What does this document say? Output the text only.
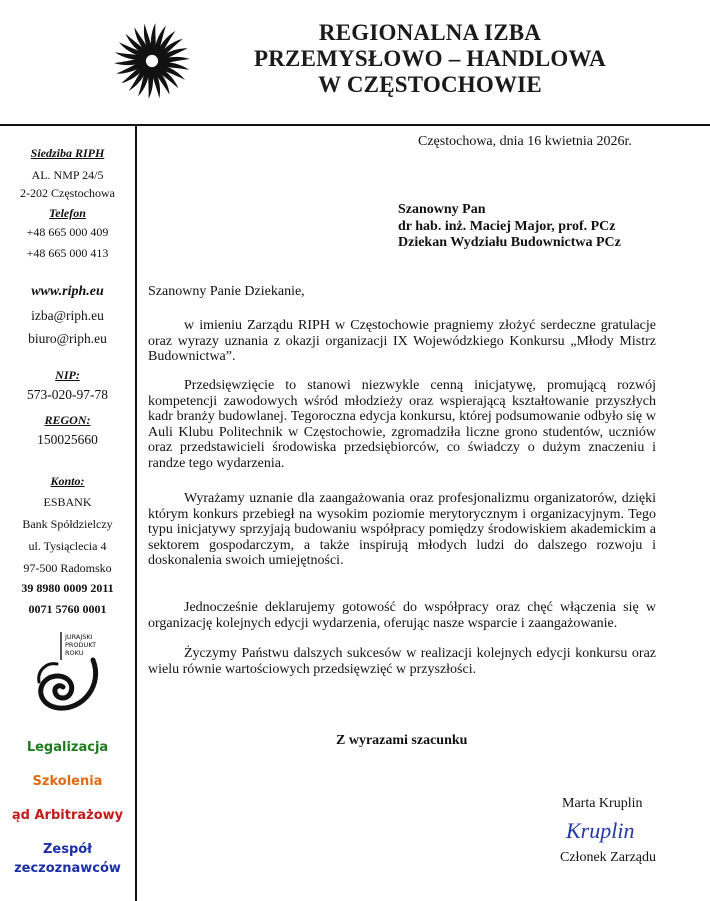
REGIONALNA IZBA
PRZEMYSŁOWO – HANDLOWA
W CZĘSTOCHOWIE
Siedziba RIPH
AL. NMP 24/5
2-202 Częstochowa
Telefon
+48 665 000 409
+48 665 000 413
www.riph.eu
izba@riph.eu
biuro@riph.eu
NIP:
573-020-97-78
REGON:
150025660
Konto:
ESBANK
Bank Spółdzielczy
ul. Tysiąclecia 4
97-500 Radomsko
39 8980 0009 2011
0071 5760 0001
JURAJSKI
PRODUKT
ROKU
Legalizacja
Szkolenia
ąd Arbitrażowy
Zespół
zeczoznawców
Częstochowa, dnia 16 kwietnia 2026r.
Szanowny Pan
dr hab. inż. Maciej Major, prof. PCz
Dziekan Wydziału Budownictwa PCz
Szanowny Panie Dziekanie,
w imieniu Zarządu RIPH w Częstochowie pragniemy złożyć serdeczne gratulacje oraz wyrazy uznania z okazji organizacji IX Wojewódzkiego Konkursu „Młody Mistrz Budownictwa”.
Przedsięwzięcie to stanowi niezwykle cenną inicjatywę, promującą rozwój kompetencji zawodowych wśród młodzieży oraz wspierającą kształtowanie przyszłych kadr branży budowlanej. Tegoroczna edycja konkursu, której podsumowanie odbyło się w Auli Klubu Politechnik w Częstochowie, zgromadziła liczne grono studentów, uczniów oraz przedstawicieli środowiska przedsiębiorców, co świadczy o dużym znaczeniu i randze tego wydarzenia.
Wyrażamy uznanie dla zaangażowania oraz profesjonalizmu organizatorów, dzięki którym konkurs przebiegł na wysokim poziomie merytorycznym i organizacyjnym. Tego typu inicjatywy sprzyjają budowaniu współpracy pomiędzy środowiskiem akademickim a sektorem gospodarczym, a także inspirują młodych ludzi do dalszego rozwoju i doskonalenia swoich umiejętności.
Jednocześnie deklarujemy gotowość do współpracy oraz chęć włączenia się w organizację kolejnych edycji wydarzenia, oferując nasze wsparcie i zaangażowanie.
Życzymy Państwu dalszych sukcesów w realizacji kolejnych edycji konkursu oraz wielu równie wartościowych przedsięwzięć w przyszłości.
Z wyrazami szacunku
Marta Kruplin
Kruplin
Członek Zarządu
